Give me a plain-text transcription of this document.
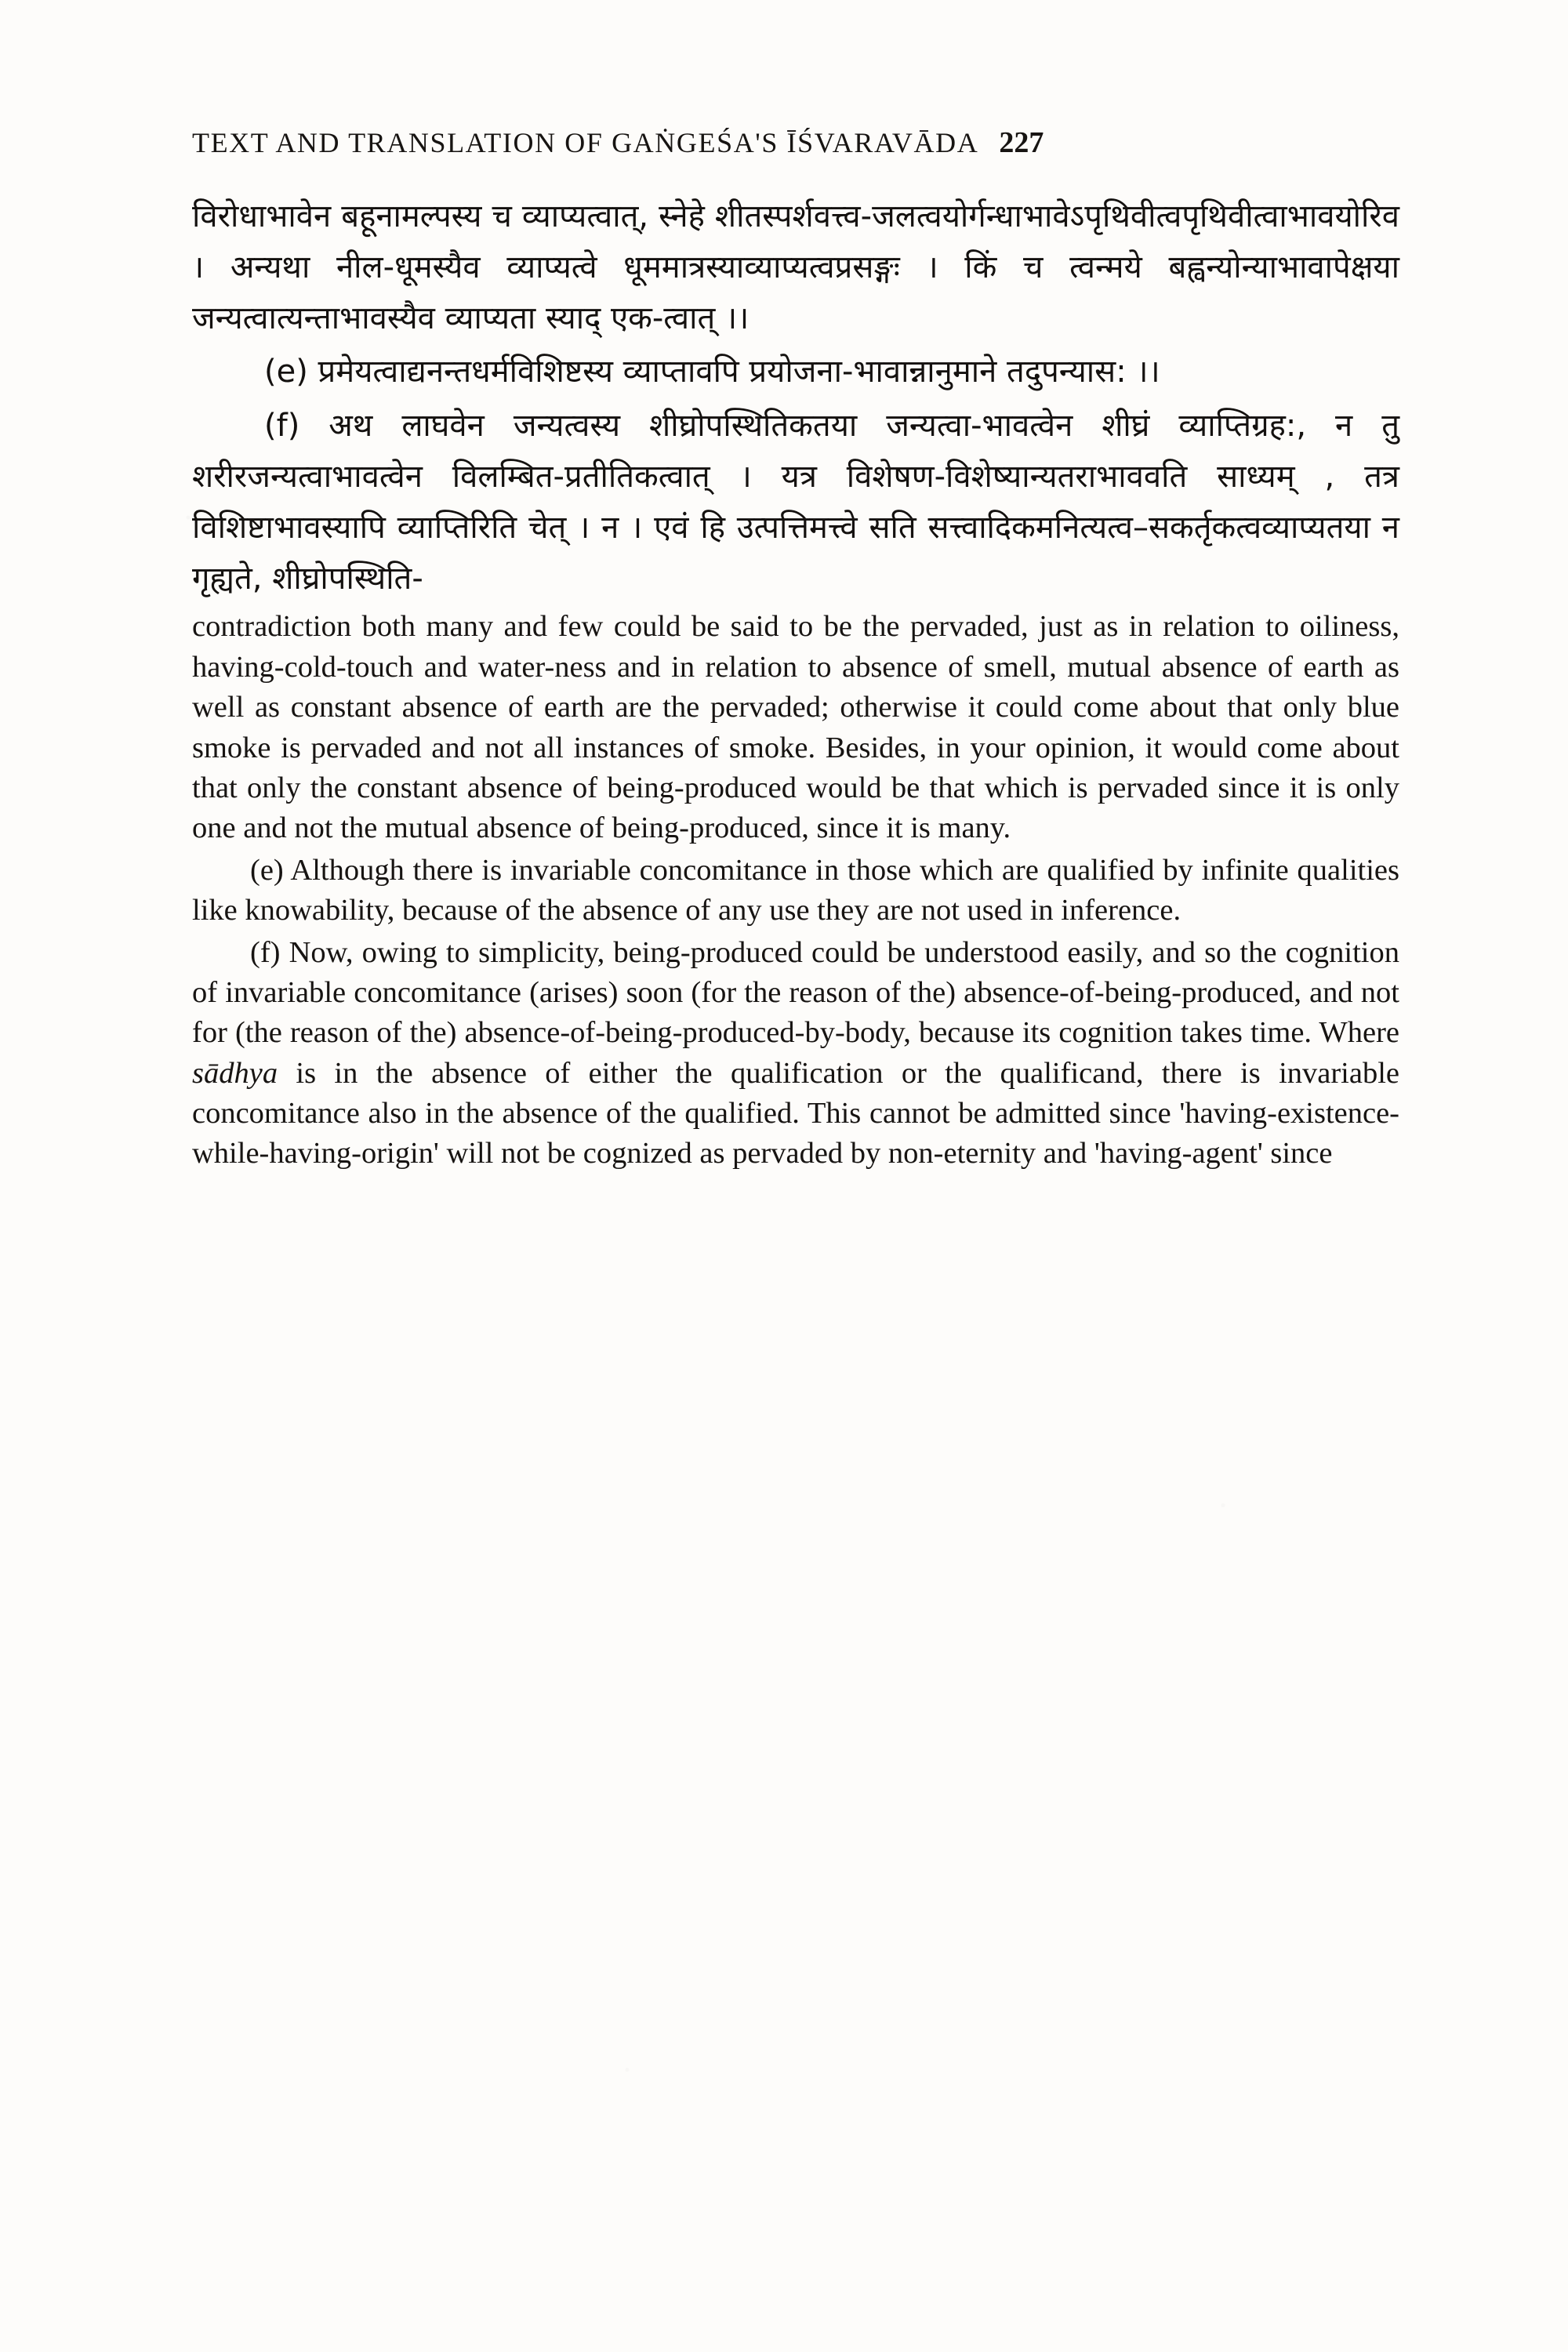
TEXT AND TRANSLATION OF GAṄGEŚA'S ĪŚVARAVĀDA 227

विरोधाभावेन बहूनामल्पस्य च व्याप्यत्वात्, स्नेहे शीतस्पर्शवत्त्व-जलत्वयोर्गन्धाभावेऽपृथिवीत्वपृथिवीत्वाभावयोरिव । अन्यथा नील-धूमस्यैव व्याप्यत्वे धूममात्रस्याव्याप्यत्वप्रसङ्गः । किं च त्वन्मये बह्वन्योन्याभावापेक्षया जन्यत्वात्यन्ताभावस्यैव व्याप्यता स्याद् एक-त्वात् ।।

(e) प्रमेयत्वाद्यनन्तधर्मविशिष्टस्य व्याप्तावपि प्रयोजना-भावान्नानुमाने तदुपन्यास: ।।

(f) अथ लाघवेन जन्यत्वस्य शीघ्रोपस्थितिकतया जन्यत्वा-भावत्वेन शीघ्रं व्याप्तिग्रह:, न तु शरीरजन्यत्वाभावत्वेन विलम्बित-प्रतीतिकत्वात् । यत्र विशेषण-विशेष्यान्यतराभाववति साध्यम् , तत्र विशिष्टाभावस्यापि व्याप्तिरिति चेत् । न । एवं हि उत्पत्तिमत्त्वे सति सत्त्वादिकमनित्यत्व–सकर्तृकत्वव्याप्यतया न गृह्यते, शीघ्रोपस्थिति-

contradiction both many and few could be said to be the pervaded, just as in relation to oiliness, having-cold-touch and water-ness and in relation to absence of smell, mutual absence of earth as well as constant absence of earth are the pervaded; otherwise it could come about that only blue smoke is pervaded and not all instances of smoke. Besides, in your opinion, it would come about that only the constant absence of being-produced would be that which is pervaded since it is only one and not the mutual absence of being-produced, since it is many.

(e) Although there is invariable concomitance in those which are qualified by infinite qualities like knowability, because of the absence of any use they are not used in inference.

(f) Now, owing to simplicity, being-produced could be understood easily, and so the cognition of invariable concomitance (arises) soon (for the reason of the) absence-of-being-produced, and not for (the reason of the) absence-of-being-produced-by-body, because its cognition takes time. Where sādhya is in the absence of either the qualification or the qualificand, there is invariable concomitance also in the absence of the qualified. This cannot be admitted since 'having-existence-while-having-origin' will not be cognized as pervaded by non-eternity and 'having-agent' since
